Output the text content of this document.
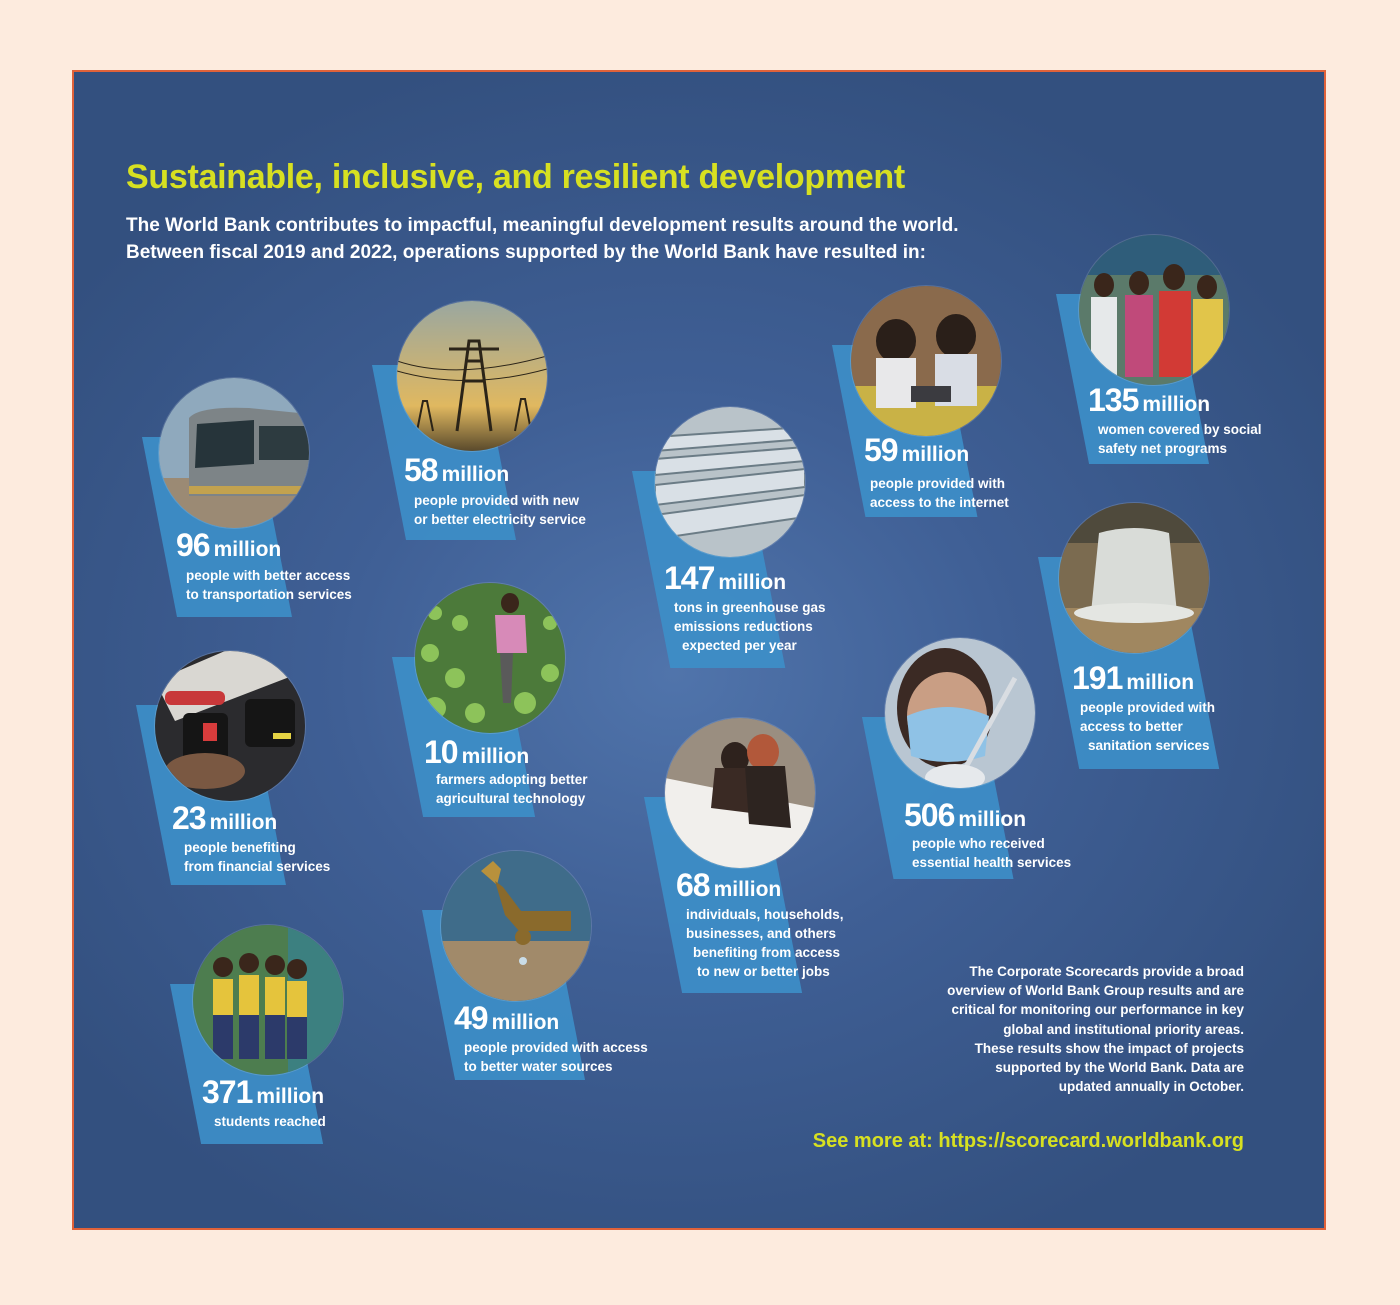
Sustainable, inclusive, and resilient development
The World Bank contributes to impactful, meaningful development results around the world.
Between fiscal 2019 and 2022, operations supported by the World Bank have resulted in:
96 million
people with better access
to transportation services
58 million
people provided with new
or better electricity service
147 million
tons in greenhouse gas
emissions reductions
expected per year
59 million
people provided with
access to the internet
135 million
women covered by social
safety net programs
191 million
people provided with
access to better
sanitation services
23 million
people benefiting
from financial services
10 million
farmers adopting better
agricultural technology	506 million
people who received
essential health services
68 million
individuals, households,
businesses, and others
benefiting from access
to new or better jobs
49 million
people provided with access
to better water sources
371 million
students reached
The Corporate Scorecards provide a broad
overview of World Bank Group results and are
critical for monitoring our performance in key
global and institutional priority areas.
These results show the impact of projects
supported by the World Bank. Data are
updated annually in October.
See more at: https://scorecard.worldbank.org
